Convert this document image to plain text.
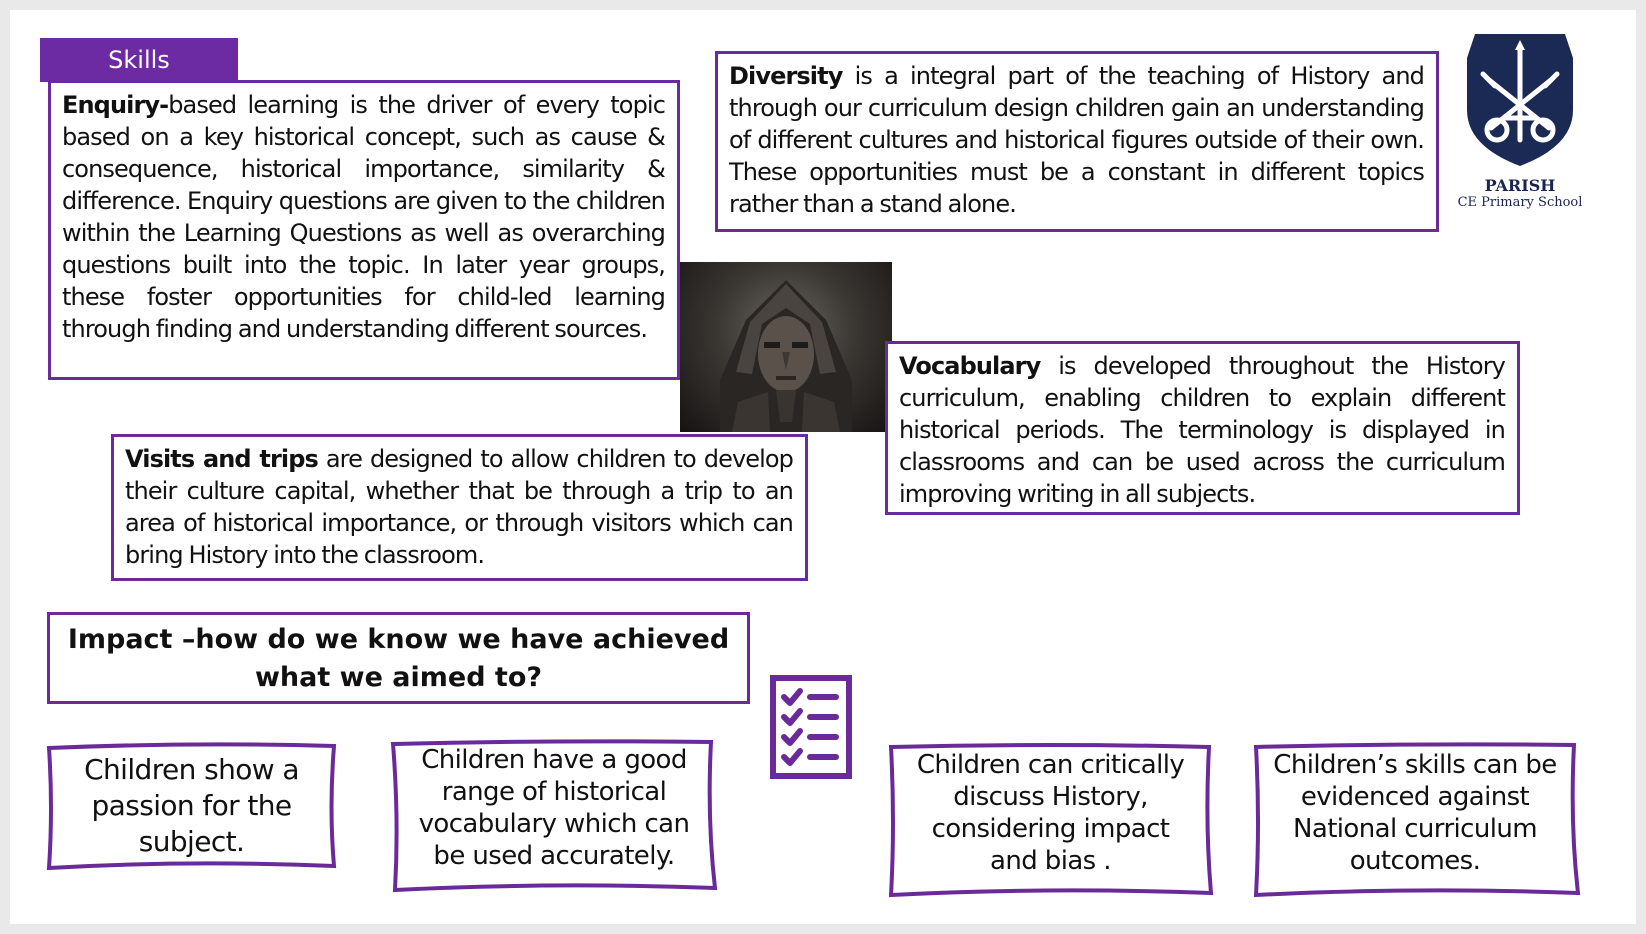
Skills
Enquiry-based learning is the driver of every topic based on a key historical concept, such as cause & consequence, historical importance, similarity & difference. Enquiry questions are given to the children within the Learning Questions as well as overarching questions built into the topic. In later year groups, these foster opportunities for child-led learning through finding and understanding different sources.
Diversity is a integral part of the teaching of History and through our curriculum design children gain an understanding of different cultures and historical figures outside of their own. These opportunities must be a constant in different topics rather than a stand alone.
Vocabulary is developed throughout the History curriculum, enabling children to explain different historical periods. The terminology is displayed in classrooms and can be used across the curriculum improving writing in all subjects.
Visits and trips are designed to allow children to develop their culture capital, whether that be through a trip to an area of historical importance, or through visitors which can bring History into the classroom.
PARISH
CE Primary School
Impact –how do we know we have achieved what we aimed to?
Children show a passion for the subject.
Children have a good range of historical vocabulary which can be used accurately.
Children can critically discuss History, considering impact and bias .
Children’s skills can be evidenced against National curriculum outcomes.
